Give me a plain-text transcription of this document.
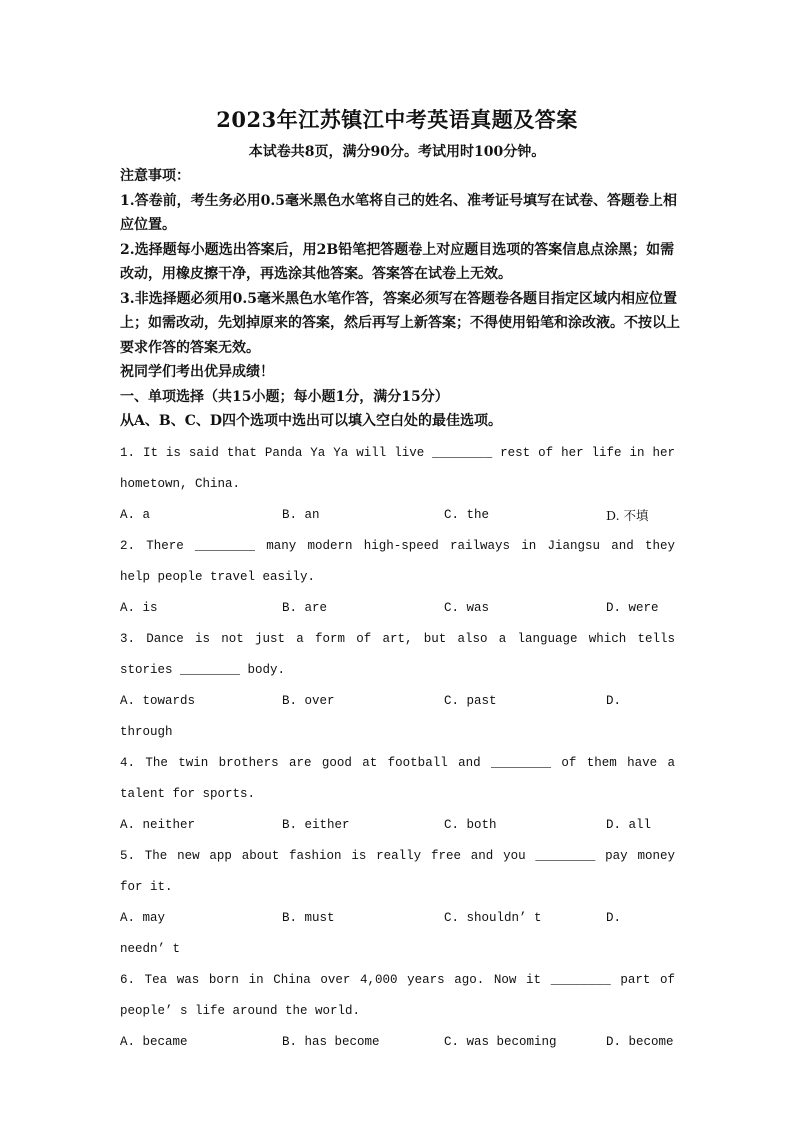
2023年江苏镇江中考英语真题及答案
本试卷共8页，满分90分。考试用时100分钟。

注意事项：

1.答卷前，考生务必用0.5毫米黑色水笔将自己的姓名、准考证号填写在试卷、答题卷上相应位置。

2.选择题每小题选出答案后，用2B铅笔把答题卷上对应题目选项的答案信息点涂黑；如需改动，用橡皮擦干净，再选涂其他答案。答案答在试卷上无效。

3.非选择题必须用0.5毫米黑色水笔作答，答案必须写在答题卷各题目指定区域内相应位置上；如需改动，先划掉原来的答案，然后再写上新答案；不得使用铅笔和涂改液。不按以上要求作答的答案无效。

祝同学们考出优异成绩！

一、单项选择（共15小题；每小题1分，满分15分）

从A、B、C、D四个选项中选出可以填入空白处的最佳选项。

1. It is said that Panda Ya Ya will live ________ rest of her life in her hometown, China.

A. a	B. an	C. the	D. 不填

2. There ________ many modern high-speed railways in Jiangsu and they help people travel easily.

A. is	B. are	C. was	D. were

3. Dance is not just a form of art, but also a language which tells stories ________ body.

A. towards	B. over	C. past	D.
through

4. The twin brothers are good at football and ________ of them have a talent for sports.

A. neither	B. either	C. both	D. all

5. The new app about fashion is really free and you ________ pay money for it.

A. may	B. must	C. shouldn’ t	D.
needn’ t

6. Tea was born in China over 4,000 years ago. Now it ________ part of people’ s life around the world.

A. became	B. has become	C. was becoming	D. become
